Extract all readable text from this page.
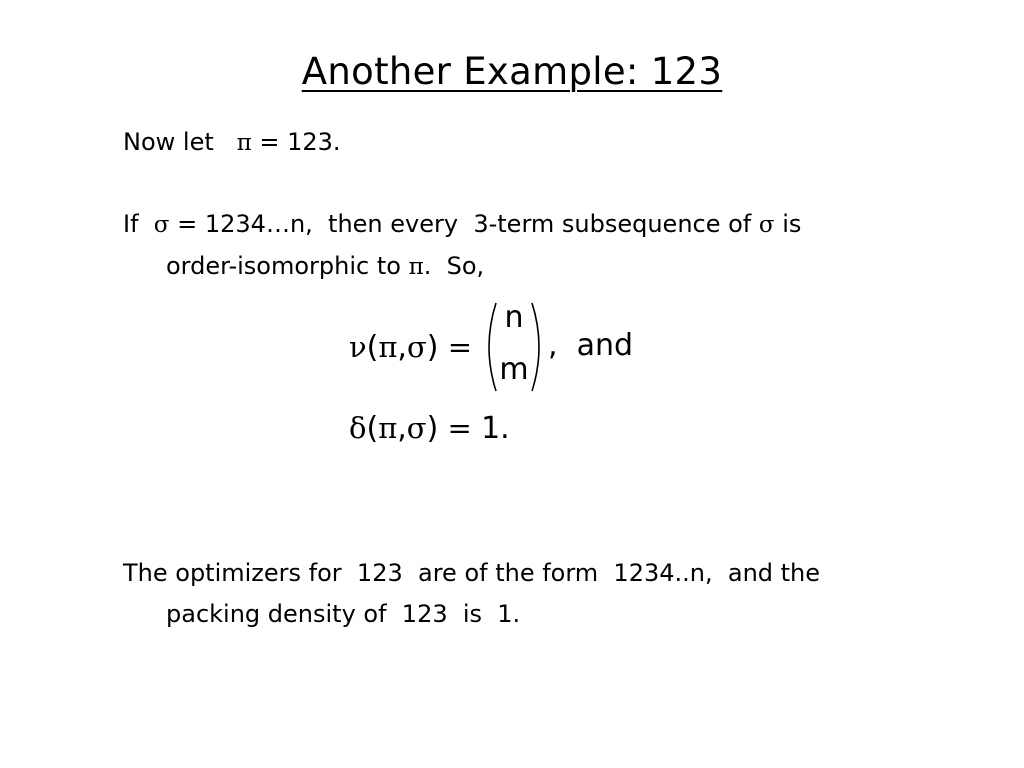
Another Example: 123
Now let   π = 123.
If  σ = 1234…n,  then every  3-term subsequence of σ is
order-isomorphic to π.  So,
ν(π,σ) =
n
m
,  and
δ(π,σ) = 1.
The optimizers for  123  are of the form  1234..n,  and the
packing density of  123  is  1.
